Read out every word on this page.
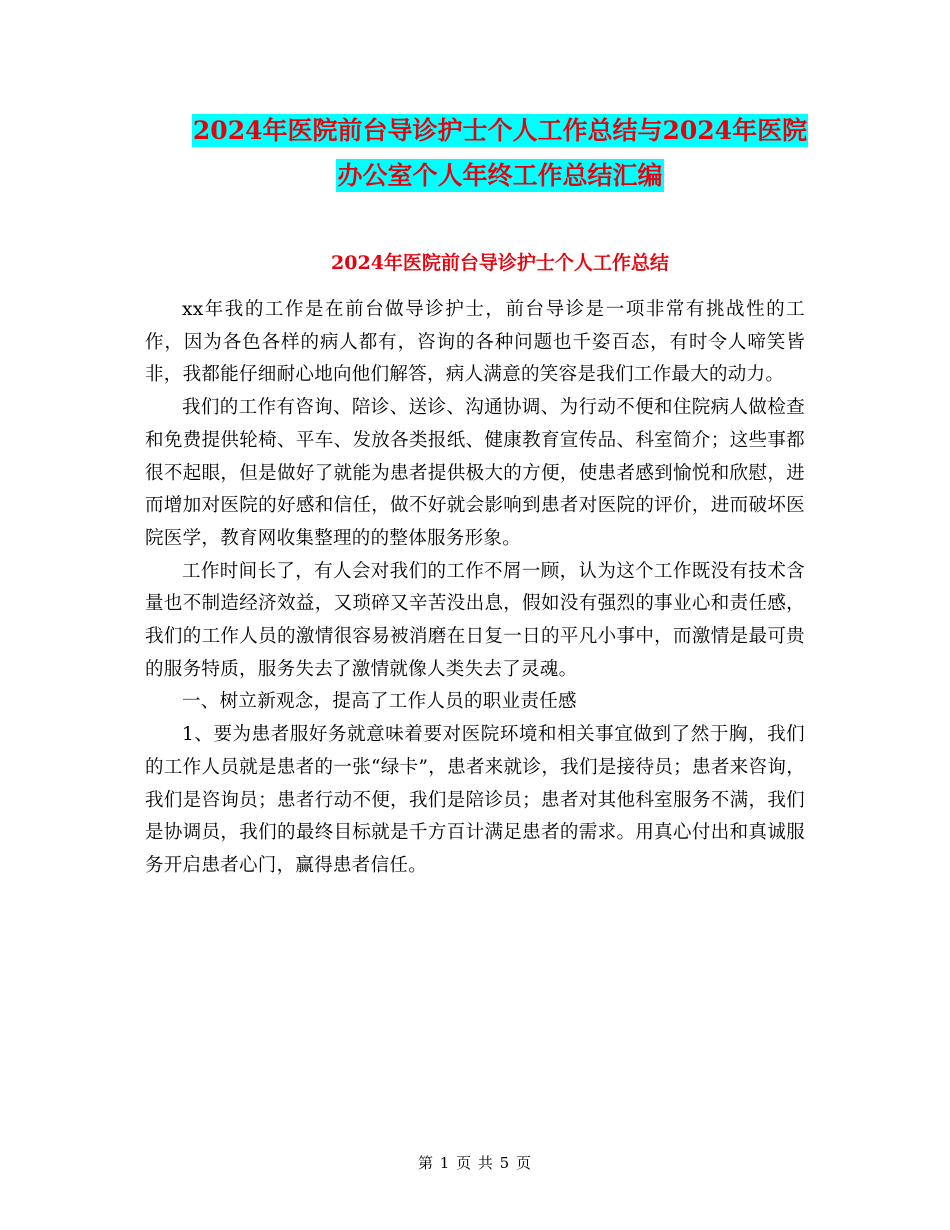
2024年医院前台导诊护士个人工作总结与2024年医院
办公室个人年终工作总结汇编
2024年医院前台导诊护士个人工作总结

xx年我的工作是在前台做导诊护士，前台导诊是一项非常有挑战性的工作，因为各色各样的病人都有，咨询的各种问题也千姿百态，有时令人啼笑皆非，我都能仔细耐心地向他们解答，病人满意的笑容是我们工作最大的动力。

我们的工作有咨询、陪诊、送诊、沟通协调、为行动不便和住院病人做检查和免费提供轮椅、平车、发放各类报纸、健康教育宣传品、科室简介；这些事都很不起眼，但是做好了就能为患者提供极大的方便，使患者感到愉悦和欣慰，进而增加对医院的好感和信任，做不好就会影响到患者对医院的评价，进而破坏医院医学，教育网收集整理的的整体服务形象。

工作时间长了，有人会对我们的工作不屑一顾，认为这个工作既没有技术含量也不制造经济效益，又琐碎又辛苦没出息，假如没有强烈的事业心和责任感，我们的工作人员的激情很容易被消磨在日复一日的平凡小事中，而激情是最可贵的服务特质，服务失去了激情就像人类失去了灵魂。

一、树立新观念，提高了工作人员的职业责任感

1、要为患者服好务就意味着要对医院环境和相关事宜做到了然于胸，我们的工作人员就是患者的一张“绿卡”，患者来就诊，我们是接待员；患者来咨询，我们是咨询员；患者行动不便，我们是陪诊员；患者对其他科室服务不满，我们是协调员，我们的最终目标就是千方百计满足患者的需求。用真心付出和真诚服务开启患者心门，赢得患者信任。

第 1 页 共 5 页
